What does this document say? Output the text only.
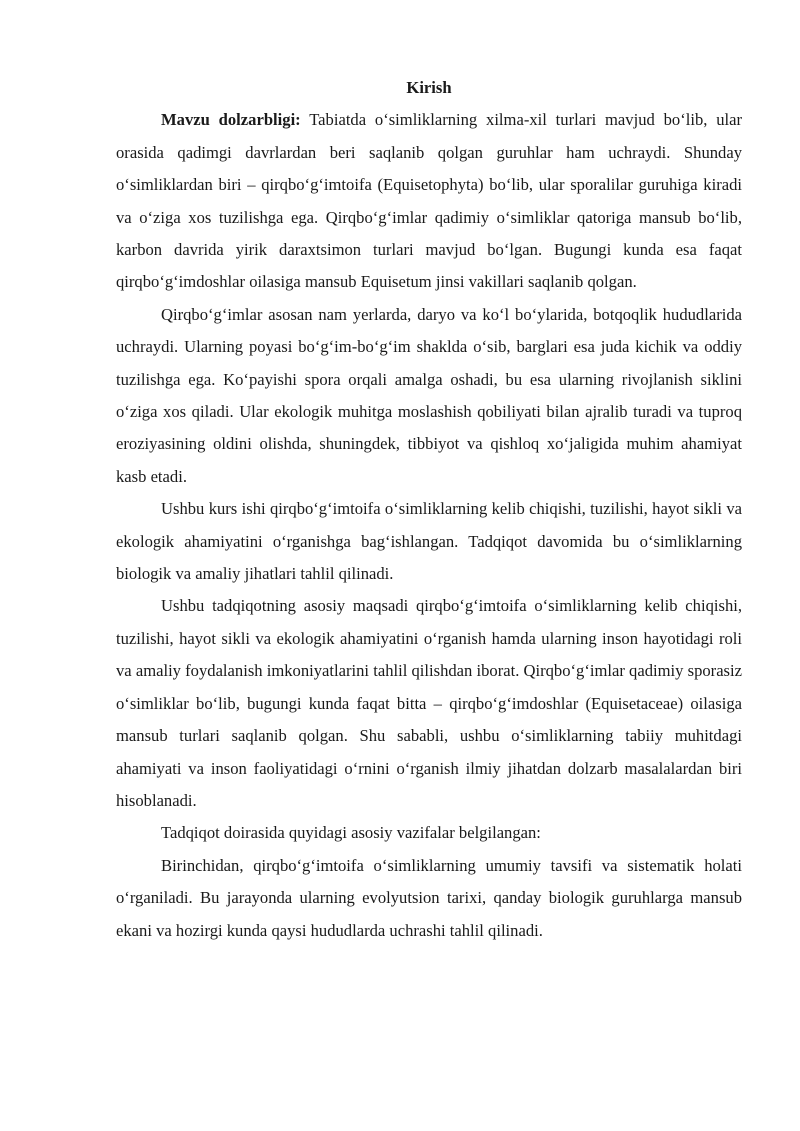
Kirish

Mavzu dolzarbligi: Tabiatda o‘simliklarning xilma-xil turlari mavjud bo‘lib, ular orasida qadimgi davrlardan beri saqlanib qolgan guruhlar ham uchraydi. Shunday o‘simliklardan biri – qirqbo‘g‘imtoifa (Equisetophyta) bo‘lib, ular sporalilar guruhiga kiradi va o‘ziga xos tuzilishga ega. Qirqbo‘g‘imlar qadimiy o‘simliklar qatoriga mansub bo‘lib, karbon davrida yirik daraxtsimon turlari mavjud bo‘lgan. Bugungi kunda esa faqat qirqbo‘g‘imdoshlar oilasiga mansub Equisetum jinsi vakillari saqlanib qolgan.

Qirqbo‘g‘imlar asosan nam yerlarda, daryo va ko‘l bo‘ylarida, botqoqlik hududlarida uchraydi. Ularning poyasi bo‘g‘im-bo‘g‘im shaklda o‘sib, barglari esa juda kichik va oddiy tuzilishga ega. Ko‘payishi spora orqali amalga oshadi, bu esa ularning rivojlanish siklini o‘ziga xos qiladi. Ular ekologik muhitga moslashish qobiliyati bilan ajralib turadi va tuproq eroziyasining oldini olishda, shuningdek, tibbiyot va qishloq xo‘jaligida muhim ahamiyat kasb etadi.

Ushbu kurs ishi qirqbo‘g‘imtoifa o‘simliklarning kelib chiqishi, tuzilishi, hayot sikli va ekologik ahamiyatini o‘rganishga bag‘ishlangan. Tadqiqot davomida bu o‘simliklarning biologik va amaliy jihatlari tahlil qilinadi.

Ushbu tadqiqotning asosiy maqsadi qirqbo‘g‘imtoifa o‘simliklarning kelib chiqishi, tuzilishi, hayot sikli va ekologik ahamiyatini o‘rganish hamda ularning inson hayotidagi roli va amaliy foydalanish imkoniyatlarini tahlil qilishdan iborat. Qirqbo‘g‘imlar qadimiy sporasiz o‘simliklar bo‘lib, bugungi kunda faqat bitta – qirqbo‘g‘imdoshlar (Equisetaceae) oilasiga mansub turlari saqlanib qolgan. Shu sababli, ushbu o‘simliklarning tabiiy muhitdagi ahamiyati va inson faoliyatidagi o‘rnini o‘rganish ilmiy jihatdan dolzarb masalalardan biri hisoblanadi.

Tadqiqot doirasida quyidagi asosiy vazifalar belgilangan:

Birinchidan, qirqbo‘g‘imtoifa o‘simliklarning umumiy tavsifi va sistematik holati o‘rganiladi. Bu jarayonda ularning evolyutsion tarixi, qanday biologik guruhlarga mansub ekani va hozirgi kunda qaysi hududlarda uchrashi tahlil qilinadi.
